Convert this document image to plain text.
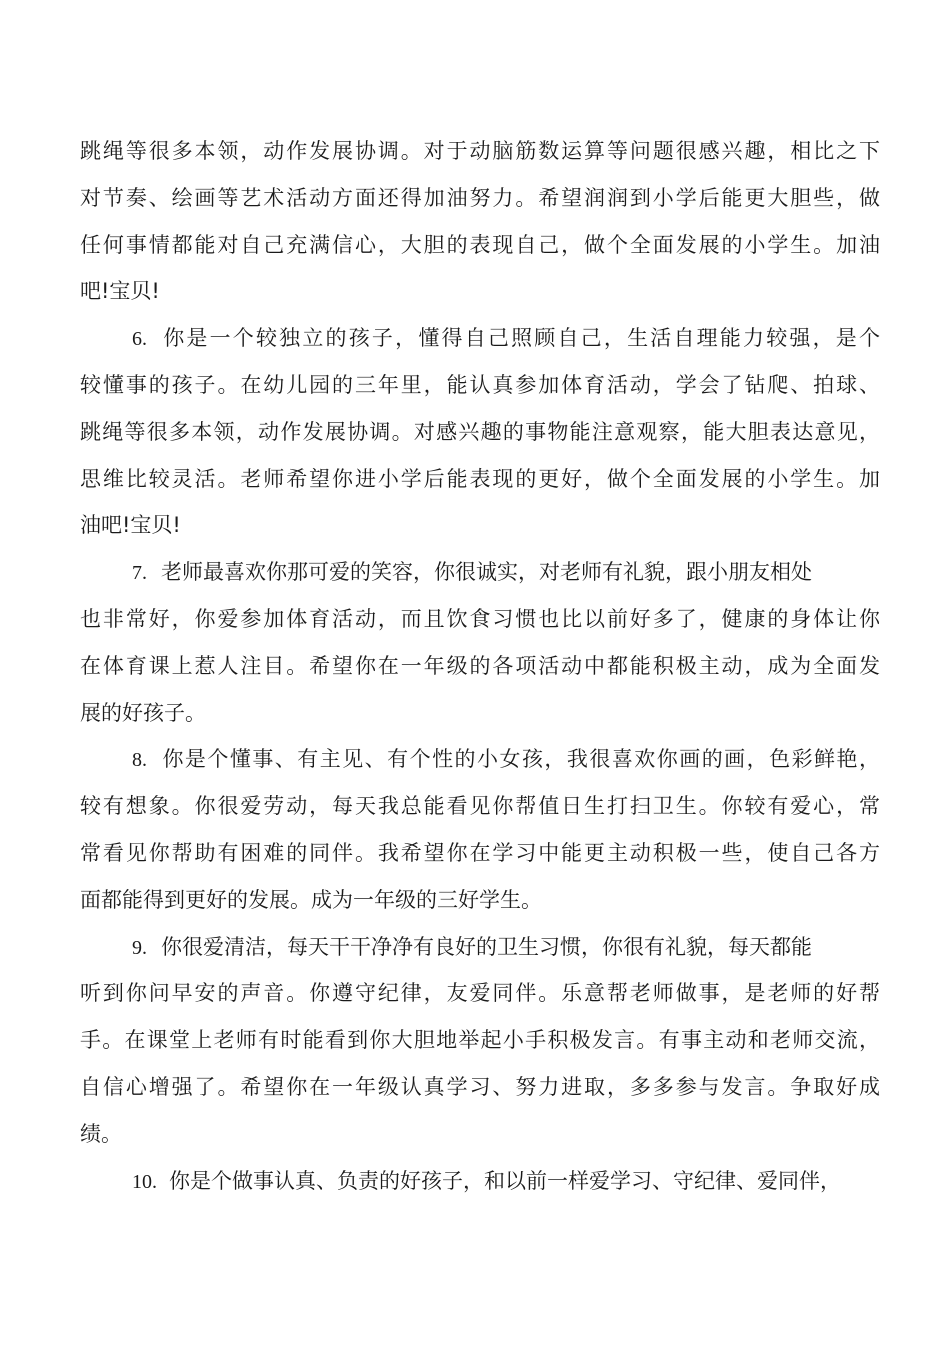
跳绳等很多本领，动作发展协调。对于动脑筋数运算等问题很感兴趣，相比之下
对节奏、绘画等艺术活动方面还得加油努力。希望润润到小学后能更大胆些，做
任何事情都能对自己充满信心，大胆的表现自己，做个全面发展的小学生。加油
吧!宝贝!
6. 你是一个较独立的孩子，懂得自己照顾自己，生活自理能力较强，是个
较懂事的孩子。在幼儿园的三年里，能认真参加体育活动，学会了钻爬、拍球、
跳绳等很多本领，动作发展协调。对感兴趣的事物能注意观察，能大胆表达意见，
思维比较灵活。老师希望你进小学后能表现的更好，做个全面发展的小学生。加
油吧!宝贝!
7. 老师最喜欢你那可爱的笑容，你很诚实，对老师有礼貌，跟小朋友相处
也非常好，你爱参加体育活动，而且饮食习惯也比以前好多了，健康的身体让你
在体育课上惹人注目。希望你在一年级的各项活动中都能积极主动，成为全面发
展的好孩子。
8. 你是个懂事、有主见、有个性的小女孩，我很喜欢你画的画，色彩鲜艳，
较有想象。你很爱劳动，每天我总能看见你帮值日生打扫卫生。你较有爱心，常
常看见你帮助有困难的同伴。我希望你在学习中能更主动积极一些，使自己各方
面都能得到更好的发展。成为一年级的三好学生。
9. 你很爱清洁，每天干干净净有良好的卫生习惯，你很有礼貌，每天都能
听到你问早安的声音。你遵守纪律，友爱同伴。乐意帮老师做事，是老师的好帮
手。在课堂上老师有时能看到你大胆地举起小手积极发言。有事主动和老师交流，
自信心增强了。希望你在一年级认真学习、努力进取，多多参与发言。争取好成
绩。
10. 你是个做事认真、负责的好孩子，和以前一样爱学习、守纪律、爱同伴，
